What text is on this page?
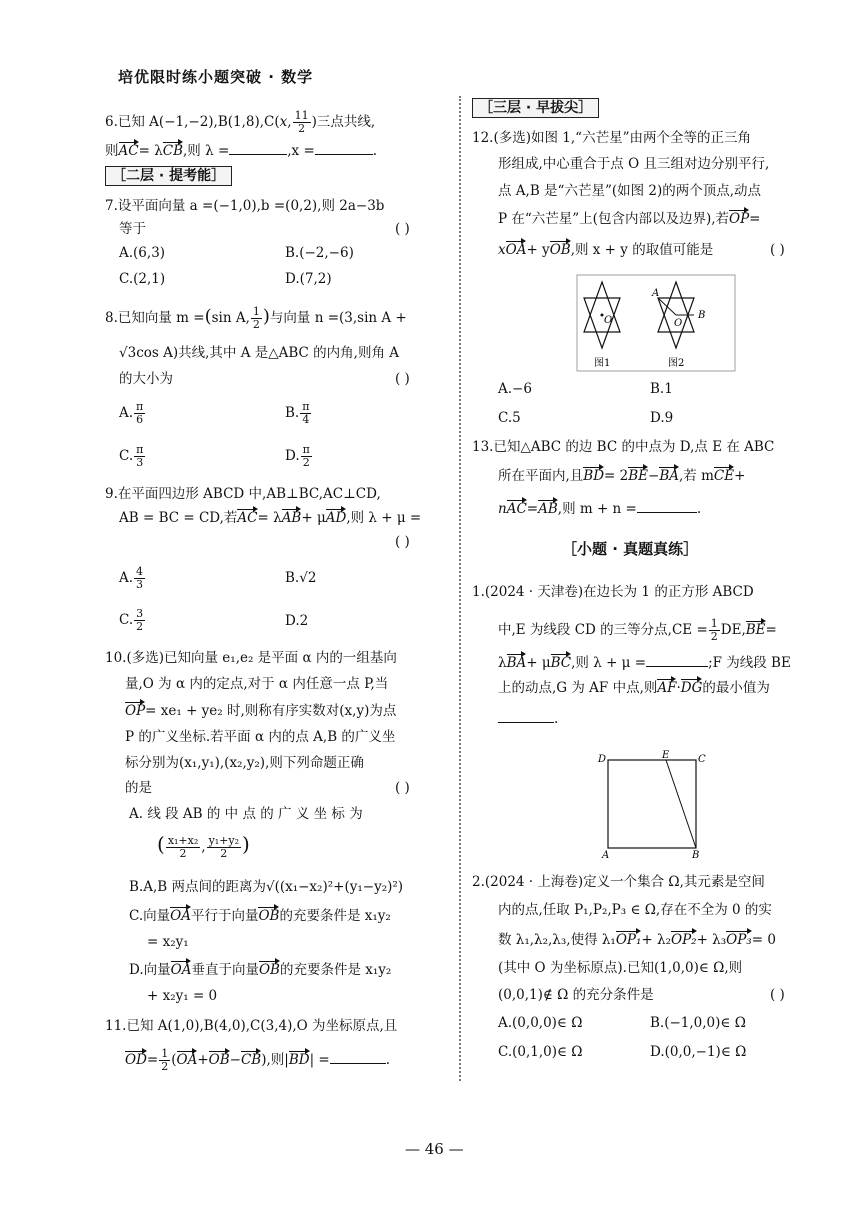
培优限时练小题突破 · 数学
6.已知 A(−1,−2),B(1,8),C(x, $\frac{11}{2}$ )三点共线,
则AC= λCB,则 λ =	,x =	.
［二层 · 提考能］
7.设平面向量 a =(−1,0),b =(0,2),则 2a−3b
等于	( )
A.(6,3)	B.(−2,−6)
C.(2,1)	D.(7,2)
8.已知向量 m =(sin A, $\frac{1}{2}$ )与向量 n =(3,sin A +
√3cos A)共线,其中 A 是△ABC 的内角,则角 A
的大小为	( )
A. $\frac{\pi}{6}$	B. $\frac{\pi}{4}$
C. $\frac{\pi}{3}$	D. $\frac{\pi}{2}$
9.在平面四边形 ABCD 中,AB⊥BC,AC⊥CD,
AB = BC = CD,若AC= λAB+ μAD,则 λ + μ =
( )
A. $\frac{4}{3}$	B.√2
C. $\frac{3}{2}$	D.2
10.(多选)已知向量 e₁,e₂ 是平面 α 内的一组基向
量,O 为 α 内的定点,对于 α 内任意一点 P,当
OP= xe₁ + ye₂ 时,则称有序实数对(x,y)为点
P 的广义坐标.若平面 α 内的点 A,B 的广义坐
标分别为(x₁,y₁),(x₂,y₂),则下列命题正确
的是	( )
A. 线 段 AB 的 中 点 的 广 义 坐 标 为
( $\frac{\text{x₁+x₂}}{2}$ , $\frac{\text{y₁+y₂}}{2}$ )
B.A,B 两点间的距离为√((x₁−x₂)²+(y₁−y₂)²)
C.向量OA平行于向量OB的充要条件是 x₁y₂
= x₂y₁
D.向量OA垂直于向量OB的充要条件是 x₁y₂
+ x₂y₁ = 0
11.已知 A(1,0),B(4,0),C(3,4),O 为坐标原点,且
$OD= \frac{1}{2} (OA+OB-CB)$,则|BD| =	.
［三层 · 早拔尖］
12.(多选)如图 1,“六芒星”由两个全等的正三角
形组成,中心重合于点 O 且三组对边分别平行,
点 A,B 是“六芒星”(如图 2)的两个顶点,动点
P 在“六芒星”上(包含内部以及边界),若OP=
xOA+ yOB,则 x + y 的取值可能是	( )
O
A
B
O
图1	图2
A.−6	B.1
C.5	D.9
13.已知△ABC 的边 BC 的中点为 D,点 E 在 ABC
所在平面内,且BD= 2BE−BA,若 mCE+
nAC=AB,则 m + n =	.
［小题 · 真题真练］
1.(2024 · 天津卷)在边长为 1 的正方形 ABCD
中,E 为线段 CD 的三等分点$,CE = \frac{1}{2} DE,BE=$
λBA+ μBC,则 λ + μ =	;F 为线段 BE
上的动点,G 为 AF 中点,则AF·DG的最小值为
.
D	E	C
A	B
2.(2024 · 上海卷)定义一个集合 Ω,其元素是空间
内的点,任取 P₁,P₂,P₃ ∈ Ω,存在不全为 0 的实
数 λ₁,λ₂,λ₃,使得 λ₁OP₁+ λ₂OP₂+ λ₃OP₃= 0
(其中 O 为坐标原点).已知(1,0,0)∈ Ω,则
(0,0,1)∉ Ω 的充分条件是	( )
A.(0,0,0)∈ Ω	B.(−1,0,0)∈ Ω
C.(0,1,0)∈ Ω	D.(0,0,−1)∈ Ω
— 46 —
